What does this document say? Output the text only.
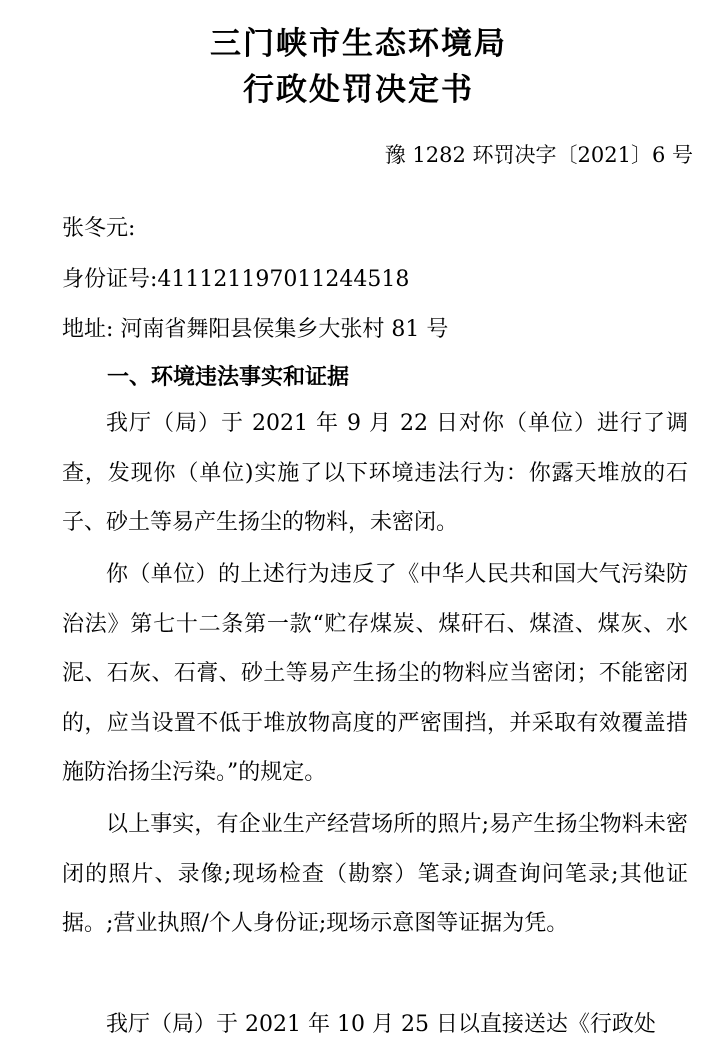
三门峡市生态环境局
行政处罚决定书
豫 1282 环罚决字〔2021〕6 号
张冬元:
身份证号:411121197011244518
地址: 河南省舞阳县侯集乡大张村 81 号
一、环境违法事实和证据
我厅（局）于 2021 年 9 月 22 日对你（单位）进行了调查，发现你（单位)实施了以下环境违法行为：你露天堆放的石子、砂土等易产生扬尘的物料，未密闭。
你（单位）的上述行为违反了《中华人民共和国大气污染防治法》第七十二条第一款“贮存煤炭、煤矸石、煤渣、煤灰、水泥、石灰、石膏、砂土等易产生扬尘的物料应当密闭；不能密闭的，应当设置不低于堆放物高度的严密围挡，并采取有效覆盖措施防治扬尘污染。”的规定。
以上事实，有企业生产经营场所的照片;易产生扬尘物料未密闭的照片、录像;现场检查（勘察）笔录;调查询问笔录;其他证据。;营业执照/个人身份证;现场示意图等证据为凭。
我厅（局）于 2021 年 10 月 25 日以直接送达《行政处
